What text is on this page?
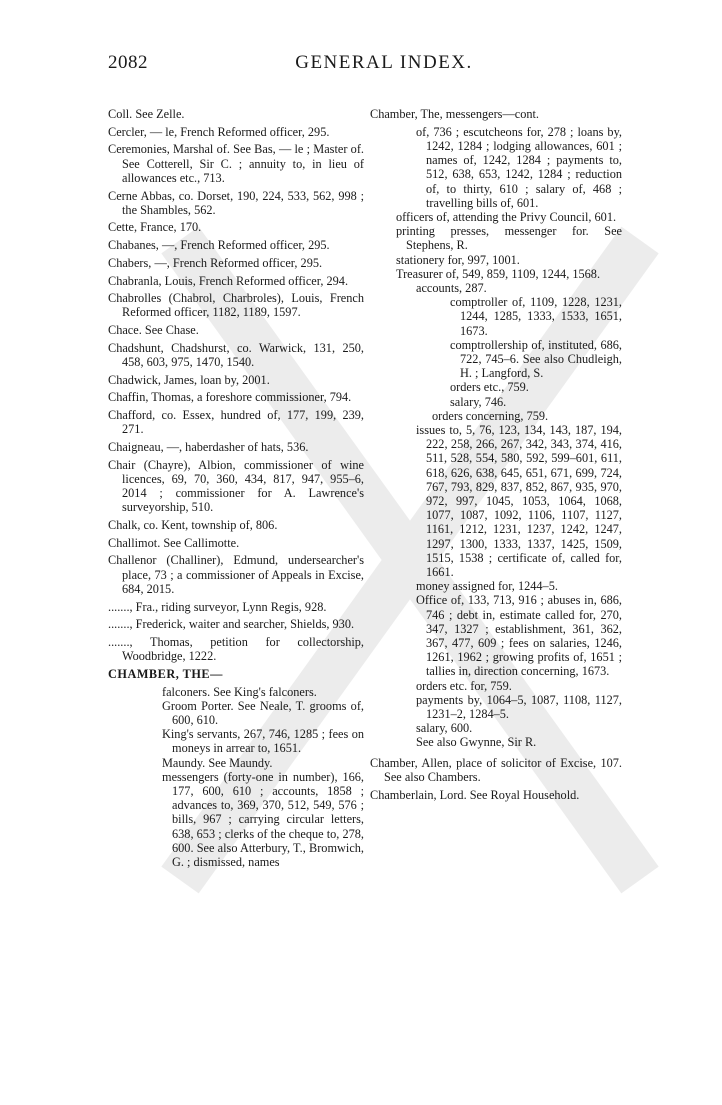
2082	GENERAL INDEX.

Coll. See Zelle.

Cercler, — le, French Reformed officer, 295.

Ceremonies, Marshal of. See Bas, — le ; Master of. See Cotterell, Sir C. ; annuity to, in lieu of allowances etc., 713.

Cerne Abbas, co. Dorset, 190, 224, 533, 562, 998 ; the Shambles, 562.

Cette, France, 170.

Chabanes, —, French Reformed officer, 295.

Chabers, —, French Reformed officer, 295.

Chabranla, Louis, French Reformed officer, 294.

Chabrolles (Chabrol, Charbroles), Louis, French Reformed officer, 1182, 1189, 1597.

Chace. See Chase.

Chadshunt, Chadshurst, co. Warwick, 131, 250, 458, 603, 975, 1470, 1540.

Chadwick, James, loan by, 2001.

Chaffin, Thomas, a foreshore commissioner, 794.

Chafford, co. Essex, hundred of, 177, 199, 239, 271.

Chaigneau, —, haberdasher of hats, 536.

Chair (Chayre), Albion, commissioner of wine licences, 69, 70, 360, 434, 817, 947, 955–6, 2014 ; commissioner for A. Lawrence's surveyorship, 510.

Chalk, co. Kent, township of, 806.

Challimot. See Callimotte.

Challenor (Challiner), Edmund, undersearcher's place, 73 ; a commissioner of Appeals in Excise, 684, 2015.

......., Fra., riding surveyor, Lynn Regis, 928.

......., Frederick, waiter and searcher, Shields, 930.

......., Thomas, petition for collectorship, Woodbridge, 1222.

CHAMBER, THE—

falconers. See King's falconers.

Groom Porter. See Neale, T. grooms of, 600, 610.

King's servants, 267, 746, 1285 ; fees on moneys in arrear to, 1651.

Maundy. See Maundy.

messengers (forty-one in number), 166, 177, 600, 610 ; accounts, 1858 ; advances to, 369, 370, 512, 549, 576 ; bills, 967 ; carrying circular letters, 638, 653 ; clerks of the cheque to, 278, 600. See also Atterbury, T., Bromwich, G. ; dismissed, names

Chamber, The, messengers—cont.

of, 736 ; escutcheons for, 278 ; loans by, 1242, 1284 ; lodging allowances, 601 ; names of, 1242, 1284 ; payments to, 512, 638, 653, 1242, 1284 ; reduction of, to thirty, 610 ; salary of, 468 ; travelling bills of, 601.

officers of, attending the Privy Council, 601.

printing presses, messenger for. See Stephens, R.

stationery for, 997, 1001.

Treasurer of, 549, 859, 1109, 1244, 1568.

accounts, 287.

comptroller of, 1109, 1228, 1231, 1244, 1285, 1333, 1533, 1651, 1673.

comptrollership of, instituted, 686, 722, 745–6. See also Chudleigh, H. ; Langford, S.

orders etc., 759.

salary, 746.

orders concerning, 759.

issues to, 5, 76, 123, 134, 143, 187, 194, 222, 258, 266, 267, 342, 343, 374, 416, 511, 528, 554, 580, 592, 599–601, 611, 618, 626, 638, 645, 651, 671, 699, 724, 767, 793, 829, 837, 852, 867, 935, 970, 972, 997, 1045, 1053, 1064, 1068, 1077, 1087, 1092, 1106, 1107, 1127, 1161, 1212, 1231, 1237, 1242, 1247, 1297, 1300, 1333, 1337, 1425, 1509, 1515, 1538 ; certificate of, called for, 1661.

money assigned for, 1244–5.

Office of, 133, 713, 916 ; abuses in, 686, 746 ; debt in, estimate called for, 270, 347, 1327 ; establishment, 361, 362, 367, 477, 609 ; fees on salaries, 1246, 1261, 1962 ; growing profits of, 1651 ; tallies in, direction concerning, 1673.

orders etc. for, 759.

payments by, 1064–5, 1087, 1108, 1127, 1231–2, 1284–5.

salary, 600.

See also Gwynne, Sir R.

Chamber, Allen, place of solicitor of Excise, 107. See also Chambers.

Chamberlain, Lord. See Royal Household.
